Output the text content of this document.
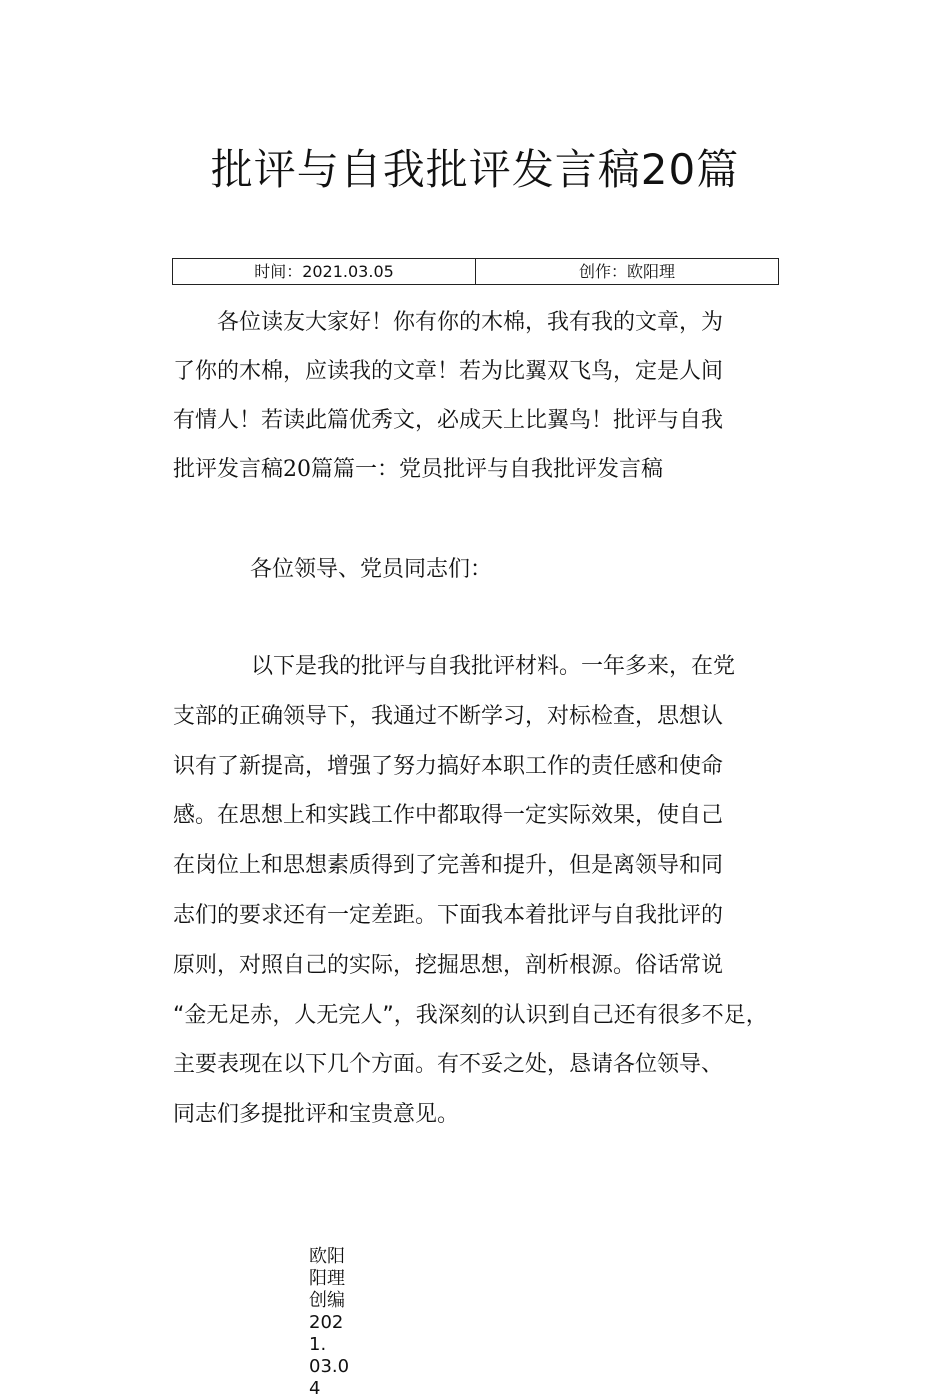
批评与自我批评发言稿20篇
时间：2021.03.05	创作：欧阳理

　　各位读友大家好！你有你的木棉，我有我的文章，为
了你的木棉，应读我的文章！若为比翼双飞鸟，定是人间
有情人！若读此篇优秀文，必成天上比翼鸟！批评与自我
批评发言稿20篇篇一：党员批评与自我批评发言稿

各位领导、党员同志们：

以下是我的批评与自我批评材料。一年多来，在党
支部的正确领导下，我通过不断学习，对标检查，思想认
识有了新提高，增强了努力搞好本职工作的责任感和使命
感。在思想上和实践工作中都取得一定实际效果，使自己
在岗位上和思想素质得到了完善和提升，但是离领导和同
志们的要求还有一定差距。下面我本着批评与自我批评的
原则，对照自己的实际，挖掘思想，剖析根源。俗话常说
“金无足赤，人无完人”，我深刻的认识到自己还有很多不足，
主要表现在以下几个方面。有不妥之处，恳请各位领导、
同志们多提批评和宝贵意见。

欧阳
阳理
创编
2021.
03.04
